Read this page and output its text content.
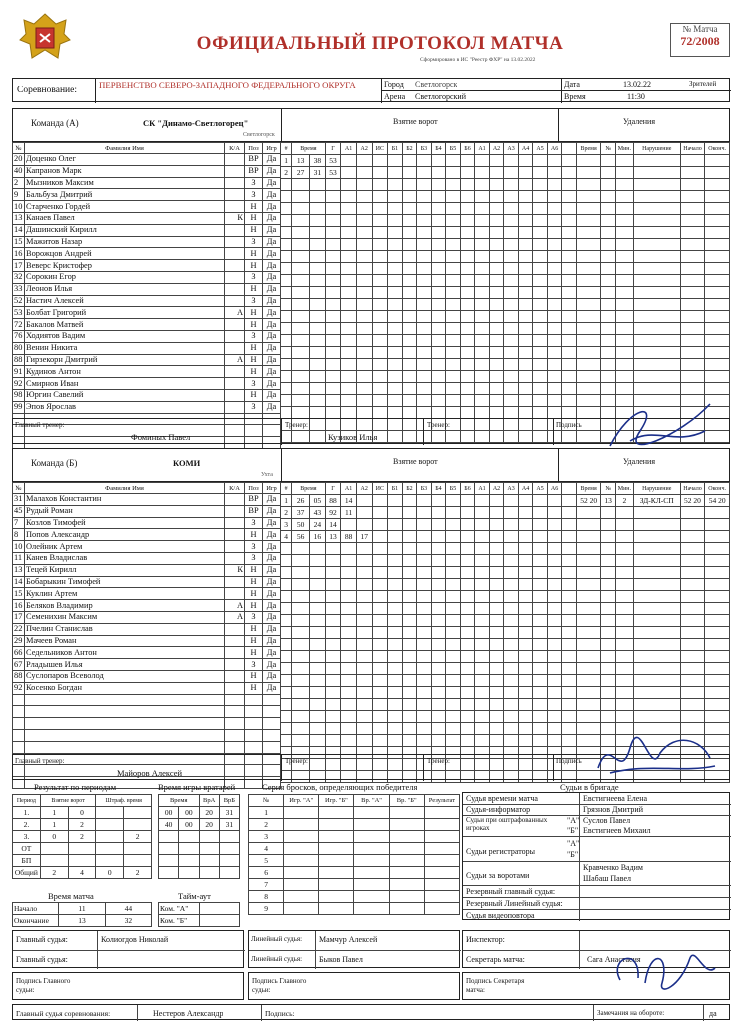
ОФИЦИАЛЬНЫЙ ПРОТОКОЛ МАТЧА
Сформировано в ИС "Реестр ФХР" на 13.02.2022
№ Матча
72/2008
Соревнование:	ПЕРВЕНСТВО СЕВЕРО-ЗАПАДНОГО ФЕДЕРАЛЬНОГО ОКРУГА	Город Светлогорск
Арена Светлогорский
Дата	13.02.22
Время	11:30
Зрителей
Команда (А)	СК "Динамо-Светлогорец"
Светлогорск
Взятие ворот	Удаления
№	Фамилия Имя	К/А	Поз	Игр
20	Доценко Олег		ВР	Да
40	Капранов Марк		ВР	Да
2	Мызников Максим		З	Да
9	Бальбуза Дмитрий		З	Да
10	Старченко Гордей		Н	Да
13	Канаев Павел	К	Н	Да
14	Дашинский Кирилл		Н	Да
15	Мажитов Назар		З	Да
16	Ворожцов Андрей		Н	Да
17	Веверс Кристофер		Н	Да
32	Сорокин Егор		З	Да
33	Леонов Илья		Н	Да
52	Настич Алексей		З	Да
53	Болбат Григорий	А	Н	Да
72	Бакалов Матвей		Н	Да
76	Ходиятов Вадим		З	Да
80	Венин Никита		Н	Да
88	Гирзекорн Дмитрий	А	Н	Да
91	Кудинов Антон		Н	Да
92	Смирнов Иван		З	Да
98	Юргин Савелий		Н	Да
99	Эпов Ярослав		З	Да

#	Время		Г	А1	А2	ИС	Б1	Б2	Б3	Б4	Б5	Б6	А1	А2	А3	А4	А5	А6		Время	№	Мин.	Нарушение	Начало	Оконч.
1	13	38	53																						
2	27	31	53																						

Главный тренер:
Фоминых Павел
Тренер:
Кузиков Илья
Тренер:	Подпись
Команда (Б)	КОМИ
Ухта
Взятие ворот	Удаления
№	Фамилия Имя	К/А	Поз	Игр
31	Малахов Константин		ВР	Да
45	Рудый Роман		ВР	Да
7	Козлов Тимофей		З	Да
8	Попов Александр		Н	Да
10	Олейник Артем		З	Да
11	Канев Владислав		З	Да
13	Тецей Кирилл	К	Н	Да
14	Бобарыкин Тимофей		Н	Да
15	Куклин Артем		Н	Да
16	Беляков Владимир	А	Н	Да
17	Семенихин Максим	А	З	Да
22	Пчелин Станислав		Н	Да
29	Мачеев Роман		Н	Да
66	Седельников Антон		Н	Да
67	Рладышев Илья		З	Да
88	Суслопаров Всеволод		Н	Да
92	Косенко Богдан		Н	Да

#	Время		Г	А1	А2	ИС	Б1	Б2	Б3	Б4	Б5	Б6	А1	А2	А3	А4	А5	А6		Время	№	Мин.	Нарушение	Начало	Оконч.
1	26	05	88	14																52 20	13	2	ЗД-КЛ-СП	52 20	54 20
2	37	43	92	11																					
3	50	24	14																						
4	56	16	13	88	17																				

Главный тренер:
Майоров Алексей
Тренер:	Тренер:	Подпись
Результат по периодам
Период	Взятие ворот		Штраф. время	
1.	1	0		
2.	1	2		
3.	0	2		2
ОТ				
БП				
Общий	2	4	0	2
Время игры вратарей
Время		ВрА	ВрБ
00	00	20	31
40	00	20	31

Серия бросков, определяющих победителя
№	Игр. "А"	Игр. "Б"	Вр. "А"	Вр. "Б"	Результат
1					
2					
3					
4					
5					
6					
7					
8					
9					
Время матча
Начало	11	44
Окончание	13	32
Тайм-аут
Ком. "А"	
Ком. "Б"	
Судьи в бригаде
Судья времени матча	Евстигнеева Елена
Судья-информатор	Грязнов Дмитрий
Судьи при оштрафованных игроках
"А" Суслов Павел
"Б" Евстигнеев Михаил
Судьи регистраторы
"А"
"Б"
Судьи за воротами
Кравченко Вадим
Шабаш Павел
Резервный главный судья:
Резервный Линейный судья:
Судья видеоповтора
Главный судья:	Колиогдов Николай
Главный судья:
Линейный судья: Мамчур Алексей
Линейный судья: Быков Павел
Инспектор:
Секретарь матча:	Сага Анастасия
Подпись Главного судьи:
Подпись Главного судьи:
Подпись Секретаря матча:
Главный судья соревнования:	Нестеров Александр	Подпись:	Замечания на обороте:	да
